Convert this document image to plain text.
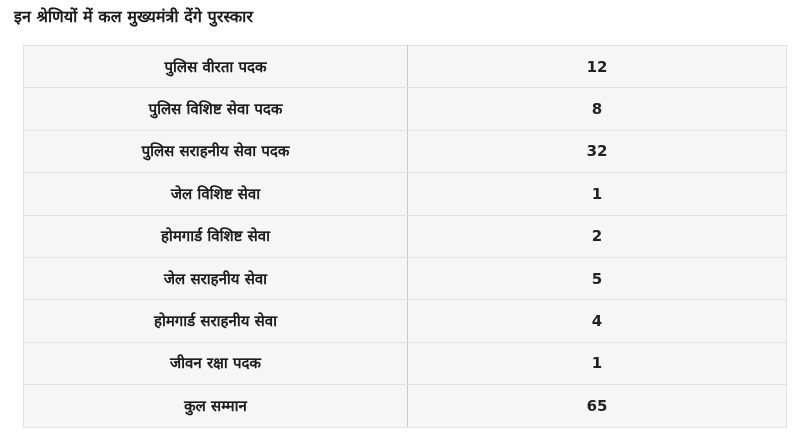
इन श्रेणियों में कल मुख्यमंत्री देंगे पुरस्कार
पुलिस वीरता पदक	12
पुलिस विशिष्ट सेवा पदक	8
पुलिस सराहनीय सेवा पदक	32
जेल विशिष्ट सेवा	1
होमगार्ड विशिष्ट सेवा	2
जेल सराहनीय सेवा	5
होमगार्ड सराहनीय सेवा	4
जीवन रक्षा पदक	1
कुल सम्मान	65
